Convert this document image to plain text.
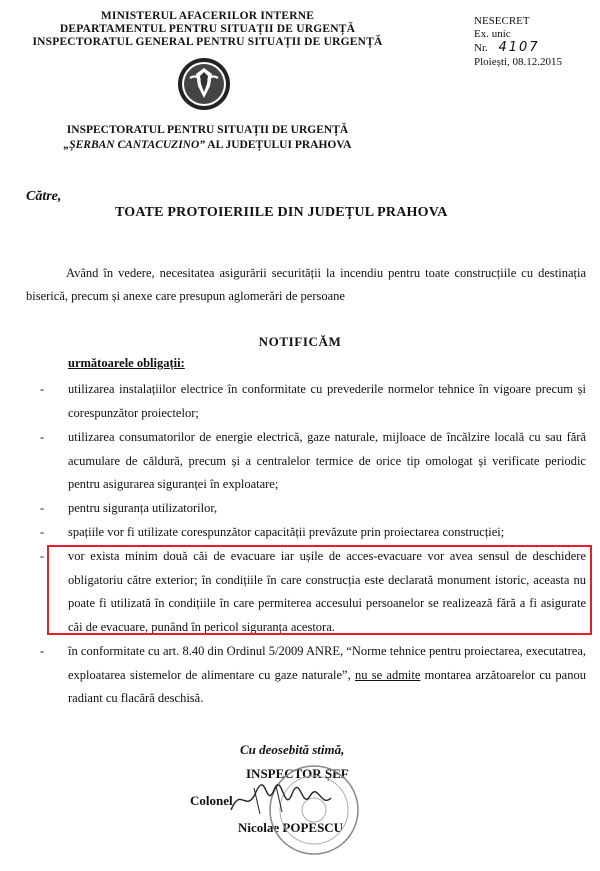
MINISTERUL AFACERILOR INTERNE
DEPARTAMENTUL PENTRU SITUAȚII DE URGENȚĂ
INSPECTORATUL GENERAL PENTRU SITUAȚII DE URGENȚĂ
NESECRET
Ex. unic
Nr. 4107
Ploiești, 08.12.2015
INSPECTORATUL PENTRU SITUAȚII DE URGENȚĂ
„ȘERBAN CANTACUZINO” AL JUDEȚULUI PRAHOVA
Către,
TOATE PROTOIERIILE DIN JUDEȚUL PRAHOVA
Având în vedere, necesitatea asigurării securității la incendiu pentru toate construcțiile cu destinația biserică, precum și anexe care presupun aglomerări de persoane
NOTIFICĂM
următoarele obligații:
- utilizarea instalațiilor electrice în conformitate cu prevederile normelor tehnice în vigoare precum și corespunzător proiectelor;
- utilizarea consumatorilor de energie electrică, gaze naturale, mijloace de încălzire locală cu sau fără acumulare de căldură, precum și a centralelor termice de orice tip omologat și verificate periodic pentru asigurarea siguranței în exploatare;
- pentru siguranța utilizatorilor,
- spațiile vor fi utilizate corespunzător capacității prevăzute prin proiectarea construcției;
- vor exista minim două căi de evacuare iar ușile de acces-evacuare vor avea sensul de deschidere obligatoriu către exterior; în condițiile în care construcția este declarată monument istoric, aceasta nu poate fi utilizată în condițiile în care permiterea accesului persoanelor se realizează fără a fi asigurate căi de evacuare, punând în pericol siguranța acestora.
- în conformitate cu art. 8.40 din Ordinul 5/2009 ANRE, “Norme tehnice pentru proiectarea, executatrea, exploatarea sistemelor de alimentare cu gaze naturale”, nu se admite montarea arzătoarelor cu panou radiant cu flacără deschisă.
Cu deosebită stimă,
INSPECTOR ȘEF
Colonel
Nicolae POPESCU
